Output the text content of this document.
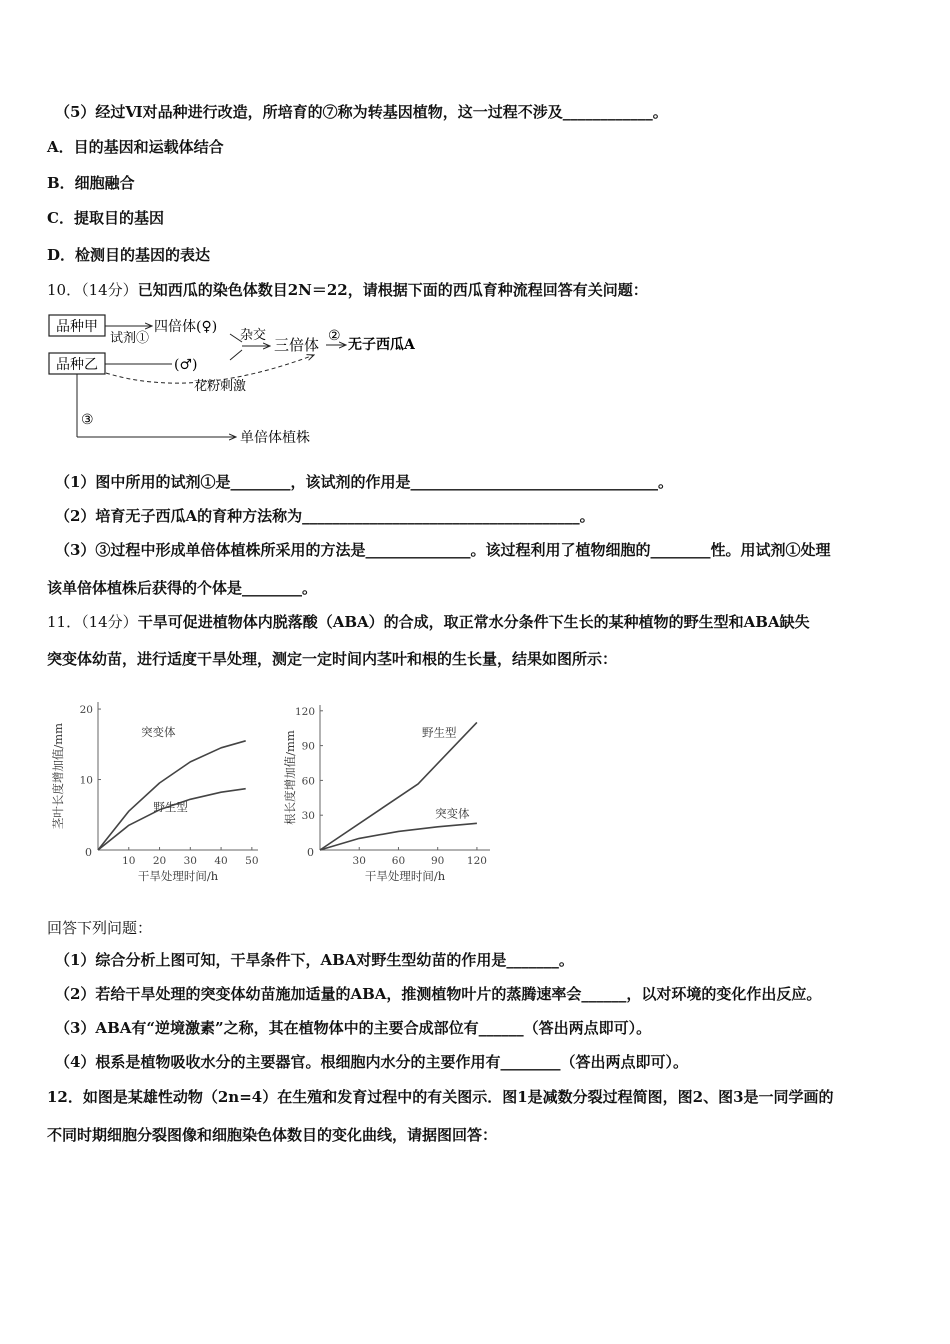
（5）经过Ⅵ对品种进行改造，所培育的⑦称为转基因植物，这一过程不涉及____________。
A．目的基因和运载体结合
B．细胞融合
C．提取目的基因
D．检测目的基因的表达
10．（14分）已知西瓜的染色体数目2N＝22，请根据下面的西瓜育种流程回答有关问题：
品种甲
品种乙
试剂①
四倍体(♀)
(♂)
杂交
三倍体 ②
无子西瓜A
花粉刺激
③
单倍体植株
（1）图中所用的试剂①是________，该试剂的作用是_________________________________。
（2）培育无子西瓜A的育种方法称为_____________________________________。
（3）③过程中形成单倍体植株所采用的方法是______________。该过程利用了植物细胞的________性。用试剂①处理
该单倍体植株后获得的个体是________。
11．（14分）干旱可促进植物体内脱落酸（ABA）的合成，取正常水分条件下生长的某种植物的野生型和ABA缺失
突变体幼苗，进行适度干旱处理，测定一定时间内茎叶和根的生长量，结果如图所示：
0
10 20 30 40 50
10
20
干旱处理时间/h
茎叶长度增加值/mm	突变体
野生型
0
30 60 90 120
30
60
90
120
干旱处理时间/h
根长度增加值/mm	野生型
突变体
回答下列问题：
（1）综合分析上图可知，干旱条件下，ABA对野生型幼苗的作用是_______。
（2）若给干旱处理的突变体幼苗施加适量的ABA，推测植物叶片的蒸腾速率会______，以对环境的变化作出反应。
（3）ABA有“逆境激素”之称，其在植物体中的主要合成部位有______（答出两点即可）。
（4）根系是植物吸收水分的主要器官。根细胞内水分的主要作用有________（答出两点即可）。
12．如图是某雄性动物（2n=4）在生殖和发育过程中的有关图示．图1是减数分裂过程简图，图2、图3是一同学画的
不同时期细胞分裂图像和细胞染色体数目的变化曲线，请据图回答：
